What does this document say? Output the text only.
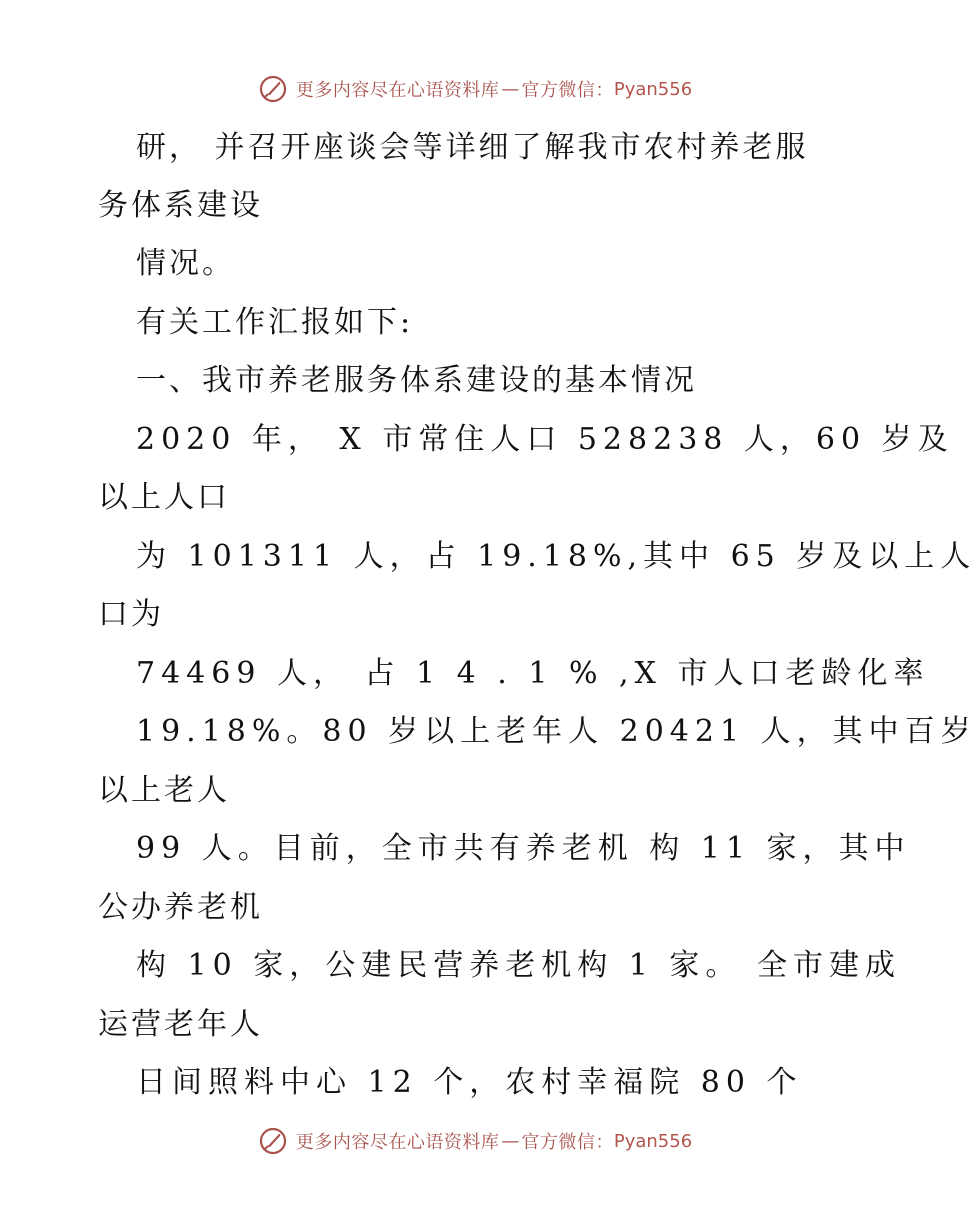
更多内容尽在心语资料库 — 官方微信： Pyan556
研， 并召开座谈会等详细了解我市农村养老服
务体系建设
情况。
有关工作汇报如下:
一、我市养老服务体系建设的基本情况
2020 年， X 市常住人口 528238 人，60 岁及
以上人口
为 101311 人，占 19.18%,其中 65 岁及以上人
口为
74469 人， 占 1 4 . 1 % ,X 市人口老龄化率
19.18%。80 岁以上老年人 20421 人，其中百岁
以上老人
99 人。目前，全市共有养老机 构 11 家，其中
公办养老机
构 10 家，公建民营养老机构 1 家。 全市建成
运营老年人
日间照料中心 12 个，农村幸福院 80 个
更多内容尽在心语资料库 — 官方微信： Pyan556
